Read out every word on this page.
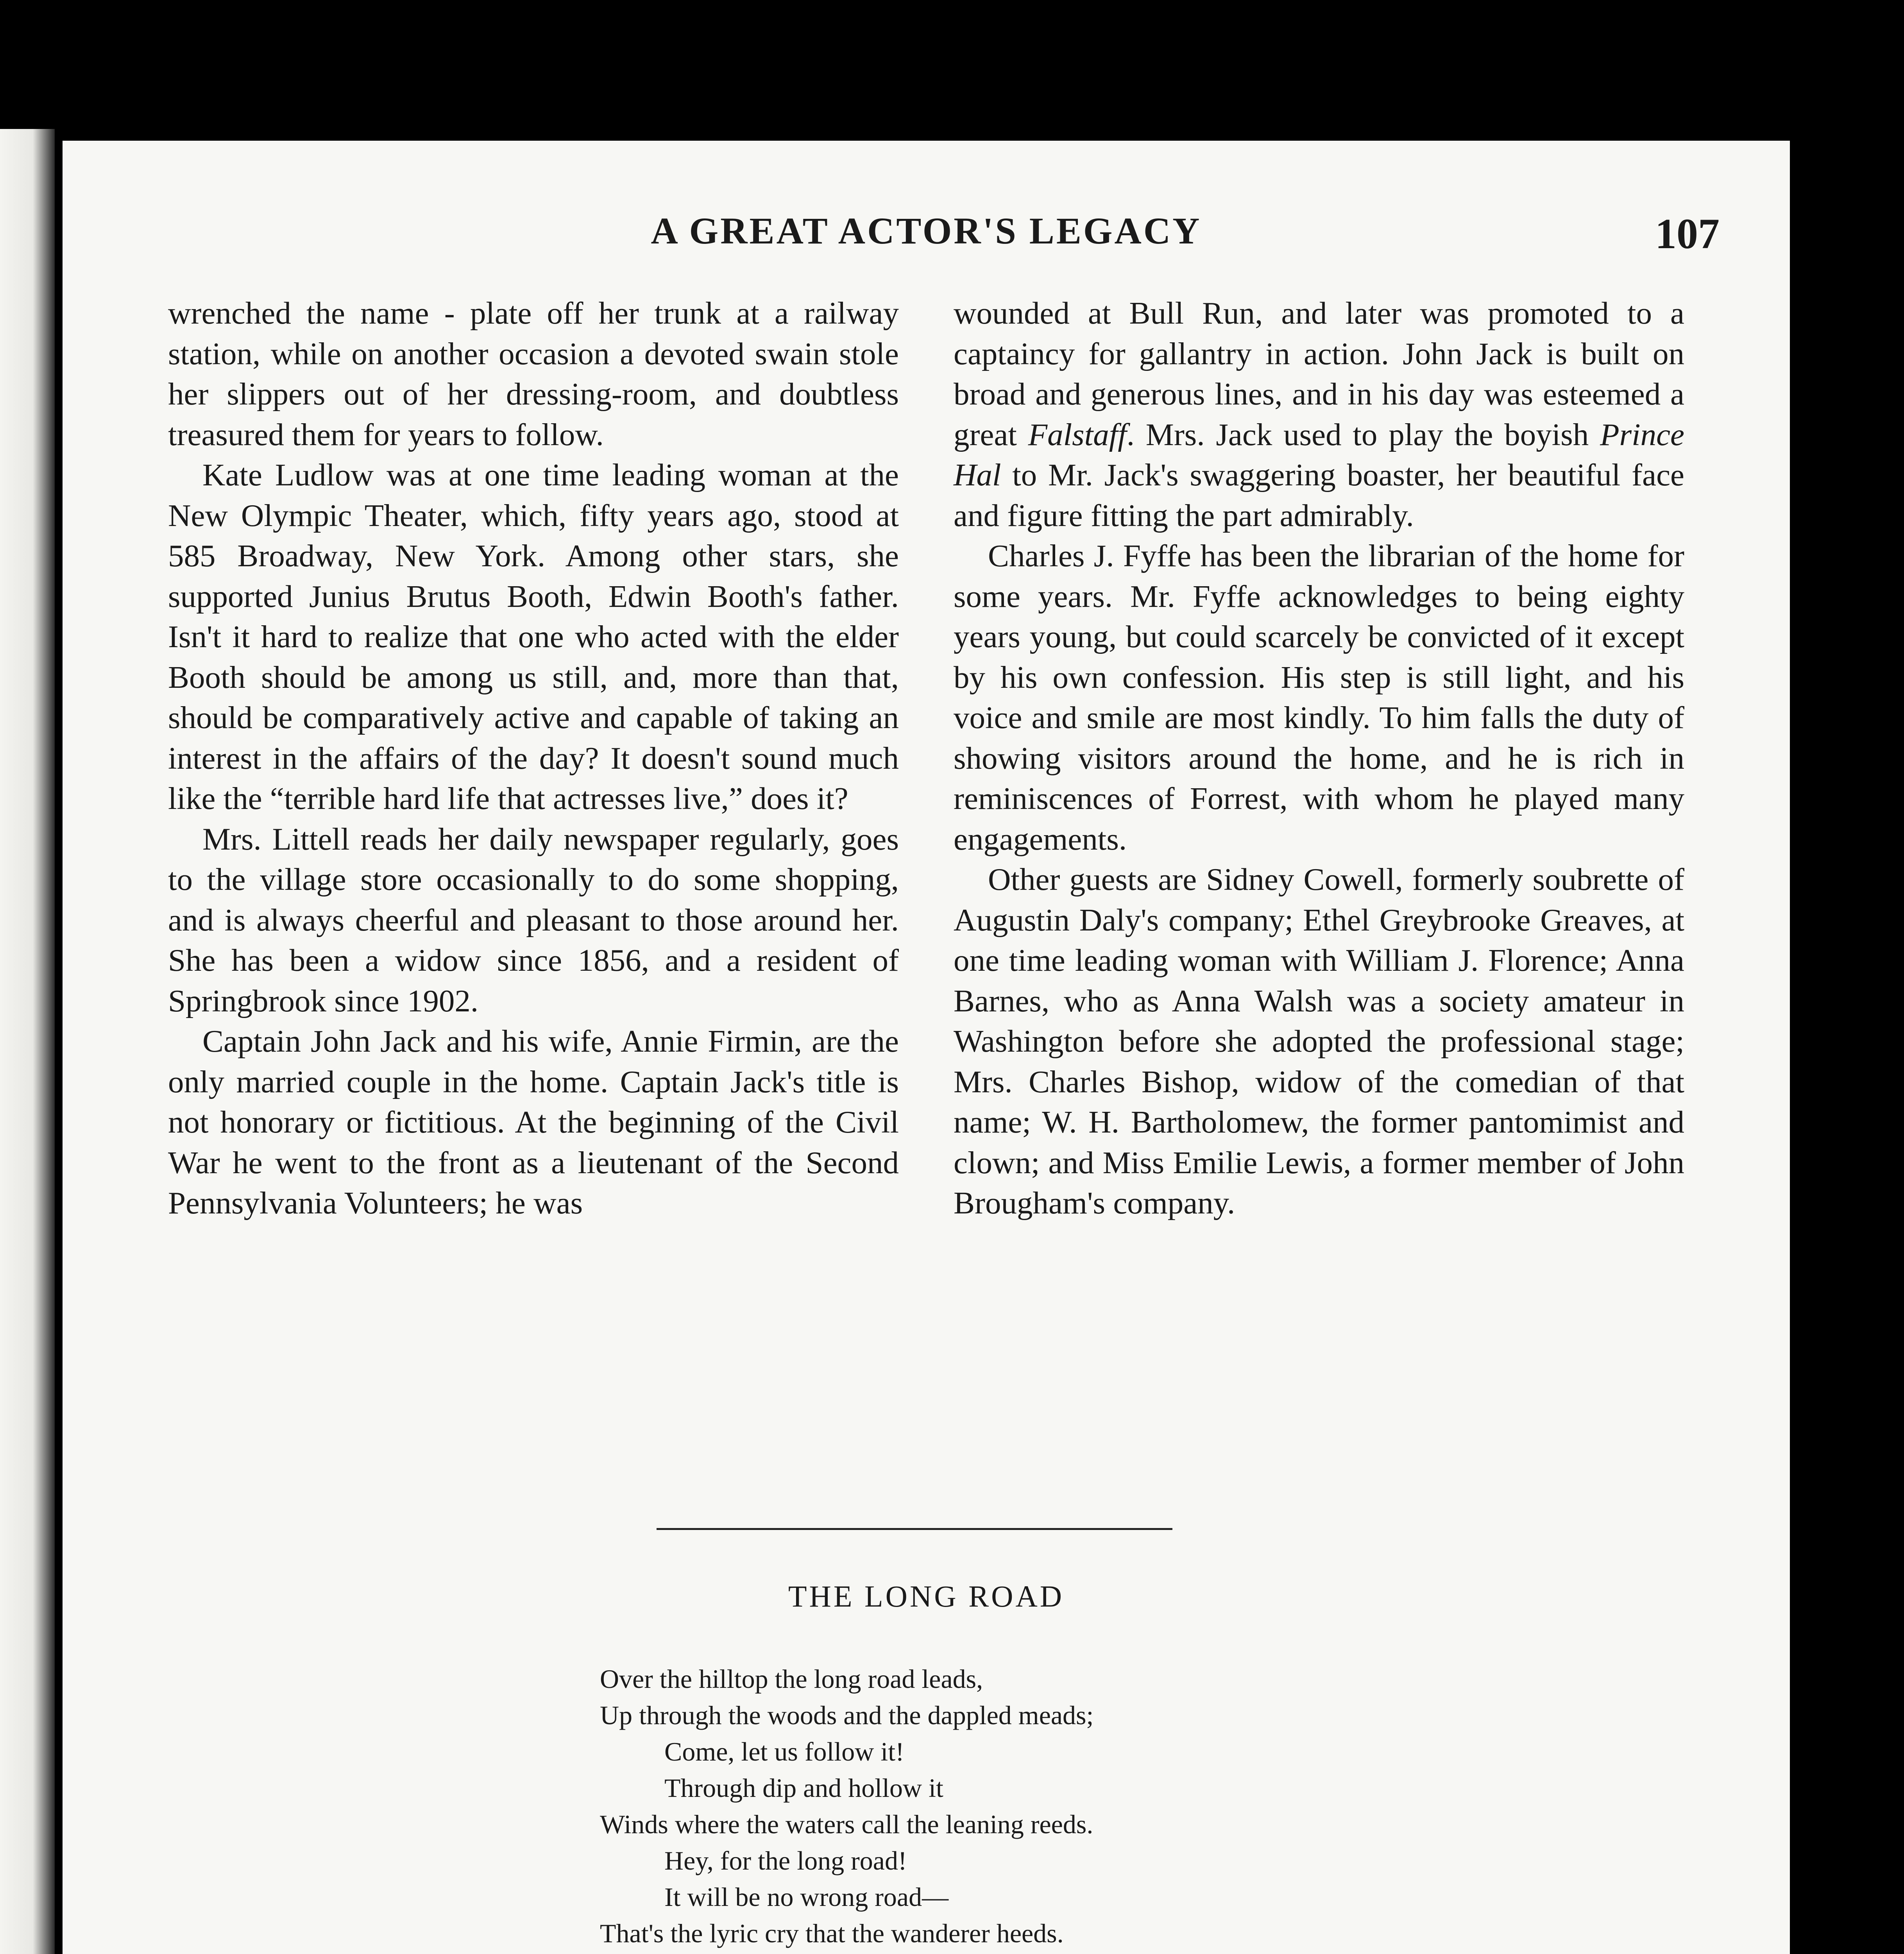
A GREAT ACTOR'S LEGACY	107

wrenched the name - plate off her trunk at a railway station, while on another occasion a devoted swain stole her slippers out of her dressing-room, and doubtless treasured them for years to follow.

Kate Ludlow was at one time leading woman at the New Olympic Theater, which, fifty years ago, stood at 585 Broadway, New York. Among other stars, she supported Junius Brutus Booth, Edwin Booth's father. Isn't it hard to realize that one who acted with the elder Booth should be among us still, and, more than that, should be comparatively active and capable of taking an interest in the affairs of the day? It doesn't sound much like the “terrible hard life that actresses live,” does it?

Mrs. Littell reads her daily newspaper regularly, goes to the village store occasionally to do some shopping, and is always cheerful and pleasant to those around her. She has been a widow since 1856, and a resident of Springbrook since 1902.

Captain John Jack and his wife, Annie Firmin, are the only married couple in the home. Captain Jack's title is not honorary or fictitious. At the beginning of the Civil War he went to the front as a lieutenant of the Second Pennsylvania Volunteers; he was

wounded at Bull Run, and later was promoted to a captaincy for gallantry in action. John Jack is built on broad and generous lines, and in his day was esteemed a great Falstaff. Mrs. Jack used to play the boyish Prince Hal to Mr. Jack's swaggering boaster, her beautiful face and figure fitting the part admirably.

Charles J. Fyffe has been the librarian of the home for some years. Mr. Fyffe acknowledges to being eighty years young, but could scarcely be convicted of it except by his own confession. His step is still light, and his voice and smile are most kindly. To him falls the duty of showing visitors around the home, and he is rich in reminiscences of Forrest, with whom he played many engagements.

Other guests are Sidney Cowell, formerly soubrette of Augustin Daly's company; Ethel Greybrooke Greaves, at one time leading woman with William J. Florence; Anna Barnes, who as Anna Walsh was a society amateur in Washington before she adopted the professional stage; Mrs. Charles Bishop, widow of the comedian of that name; W. H. Bartholomew, the former pantomimist and clown; and Miss Emilie Lewis, a former member of John Brougham's company.

THE LONG ROAD
Over the hilltop the long road leads,
Up through the woods and the dappled meads;
Come, let us follow it!
Through dip and hollow it
Winds where the waters call the leaning reeds.
Hey, for the long road!
It will be no wrong road—
That's the lyric cry that the wanderer heeds.
